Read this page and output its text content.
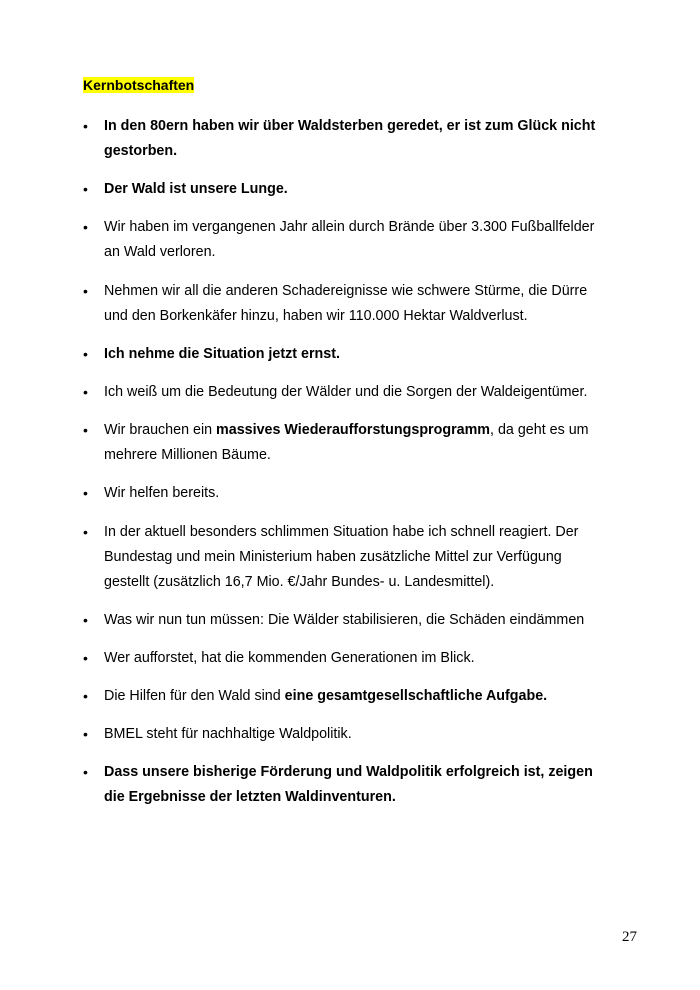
Kernbotschaften
• In den 80ern haben wir über Waldsterben geredet, er ist zum Glück nicht gestorben.
• Der Wald ist unsere Lunge.
• Wir haben im vergangenen Jahr allein durch Brände über 3.300 Fußballfelder an Wald verloren.
• Nehmen wir all die anderen Schadereignisse wie schwere Stürme, die Dürre und den Borkenkäfer hinzu, haben wir 110.000 Hektar Waldverlust.
• Ich nehme die Situation jetzt ernst.
• Ich weiß um die Bedeutung der Wälder und die Sorgen der Waldeigentümer.
• Wir brauchen ein massives Wiederaufforstungsprogramm, da geht es um mehrere Millionen Bäume.
• Wir helfen bereits.
• In der aktuell besonders schlimmen Situation habe ich schnell reagiert. Der Bundestag und mein Ministerium haben zusätzliche Mittel zur Verfügung gestellt (zusätzlich 16,7 Mio. €/Jahr Bundes- u. Landesmittel).
• Was wir nun tun müssen: Die Wälder stabilisieren, die Schäden eindämmen
• Wer aufforstet, hat die kommenden Generationen im Blick.
• Die Hilfen für den Wald sind eine gesamtgesellschaftliche Aufgabe.
• BMEL steht für nachhaltige Waldpolitik.
• Dass unsere bisherige Förderung und Waldpolitik erfolgreich ist, zeigen die Ergebnisse der letzten Waldinventuren.
27
